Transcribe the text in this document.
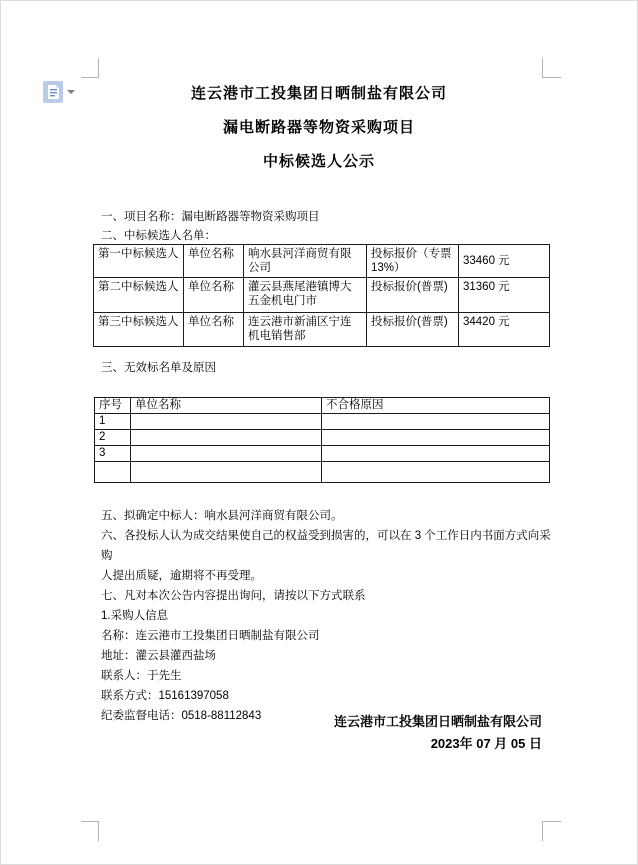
连云港市工投集团日晒制盐有限公司
漏电断路器等物资采购项目
中标候选人公示
一、项目名称：漏电断路器等物资采购项目
二、中标候选人名单：
第一中标候选人	单位名称	响水县河洋商贸有限公司	投标报价（专票13%）	33460 元
第二中标候选人	单位名称	灌云县燕尾港镇博大五金机电门市	投标报价(普票)	31360 元
第三中标候选人	单位名称	连云港市新浦区宁连机电销售部	投标报价(普票)	34420 元
三、无效标名单及原因
序号	单位名称	不合格原因
1		
2		
3		

五、拟确定中标人：响水县河洋商贸有限公司。
六、各投标人认为成交结果使自己的权益受到损害的，可以在 3 个工作日内书面方式向采购
人提出质疑，逾期将不再受理。
七、凡对本次公告内容提出询问，请按以下方式联系
1.采购人信息
名称：连云港市工投集团日晒制盐有限公司
地址：灌云县灌西盐场
联系人：于先生
联系方式：15161397058
纪委监督电话：0518-88112843	连云港市工投集团日晒制盐有限公司
2023年 07 月 05 日
